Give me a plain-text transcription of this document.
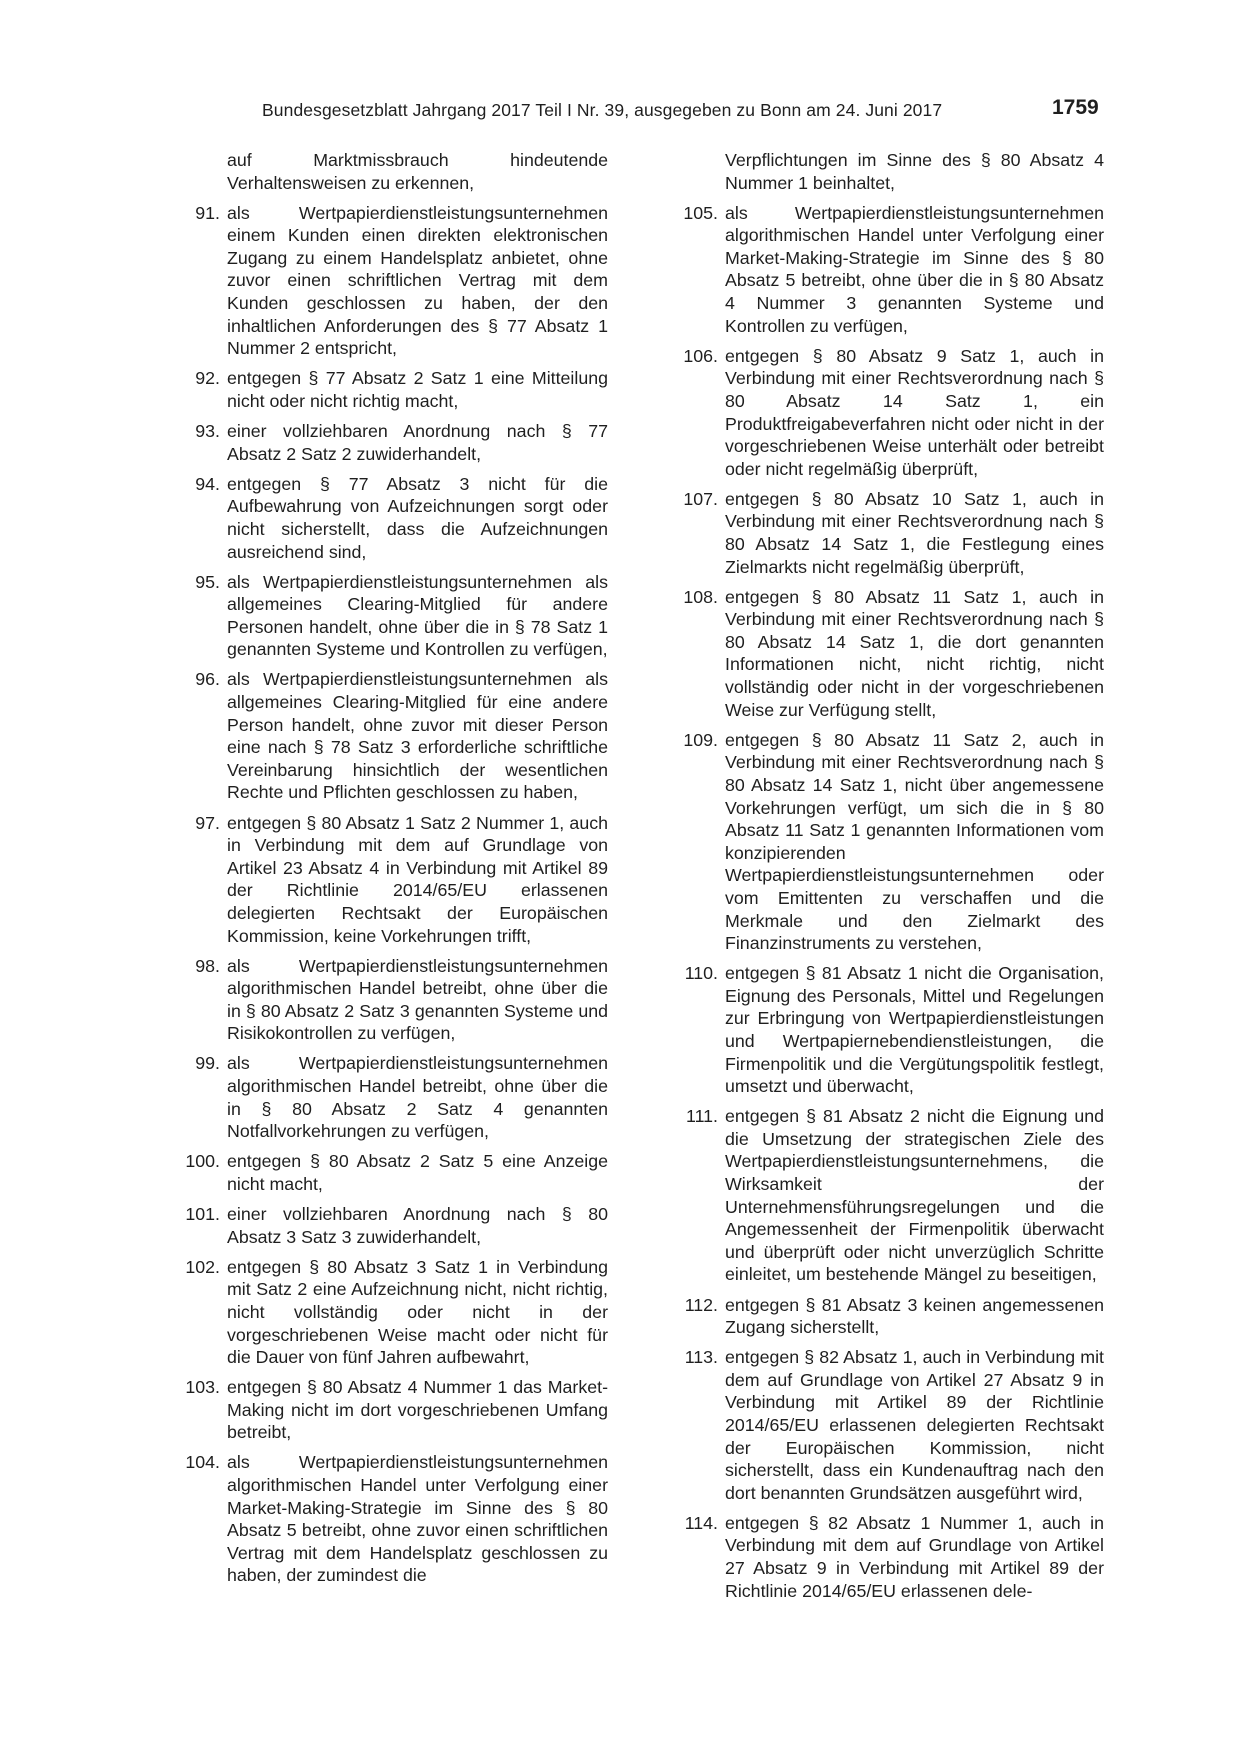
Bundesgesetzblatt Jahrgang 2017 Teil I Nr. 39, ausgegeben zu Bonn am 24. Juni 2017	1759
auf Marktmissbrauch hindeutende Verhaltensweisen zu erkennen,
91. als Wertpapierdienstleistungsunternehmen einem Kunden einen direkten elektronischen Zugang zu einem Handelsplatz anbietet, ohne zuvor einen schriftlichen Vertrag mit dem Kunden geschlossen zu haben, der den inhaltlichen Anforderungen des § 77 Absatz 1 Nummer 2 entspricht,
92. entgegen § 77 Absatz 2 Satz 1 eine Mitteilung nicht oder nicht richtig macht,
93. einer vollziehbaren Anordnung nach § 77 Absatz 2 Satz 2 zuwiderhandelt,
94. entgegen § 77 Absatz 3 nicht für die Aufbewahrung von Aufzeichnungen sorgt oder nicht sicherstellt, dass die Aufzeichnungen ausreichend sind,
95. als Wertpapierdienstleistungsunternehmen als allgemeines Clearing-Mitglied für andere Personen handelt, ohne über die in § 78 Satz 1 genannten Systeme und Kontrollen zu verfügen,
96. als Wertpapierdienstleistungsunternehmen als allgemeines Clearing-Mitglied für eine andere Person handelt, ohne zuvor mit dieser Person eine nach § 78 Satz 3 erforderliche schriftliche Vereinbarung hinsichtlich der wesentlichen Rechte und Pflichten geschlossen zu haben,
97. entgegen § 80 Absatz 1 Satz 2 Nummer 1, auch in Verbindung mit dem auf Grundlage von Artikel 23 Absatz 4 in Verbindung mit Artikel 89 der Richtlinie 2014/65/EU erlassenen delegierten Rechtsakt der Europäischen Kommission, keine Vorkehrungen trifft,
98. als Wertpapierdienstleistungsunternehmen algorithmischen Handel betreibt, ohne über die in § 80 Absatz 2 Satz 3 genannten Systeme und Risikokontrollen zu verfügen,
99. als Wertpapierdienstleistungsunternehmen algorithmischen Handel betreibt, ohne über die in § 80 Absatz 2 Satz 4 genannten Notfallvorkehrungen zu verfügen,
100. entgegen § 80 Absatz 2 Satz 5 eine Anzeige nicht macht,
101. einer vollziehbaren Anordnung nach § 80 Absatz 3 Satz 3 zuwiderhandelt,
102. entgegen § 80 Absatz 3 Satz 1 in Verbindung mit Satz 2 eine Aufzeichnung nicht, nicht richtig, nicht vollständig oder nicht in der vorgeschriebenen Weise macht oder nicht für die Dauer von fünf Jahren aufbewahrt,
103. entgegen § 80 Absatz 4 Nummer 1 das Market-Making nicht im dort vorgeschriebenen Umfang betreibt,
104. als Wertpapierdienstleistungsunternehmen algorithmischen Handel unter Verfolgung einer Market-Making-Strategie im Sinne des § 80 Absatz 5 betreibt, ohne zuvor einen schriftlichen Vertrag mit dem Handelsplatz geschlossen zu haben, der zumindest die
Verpflichtungen im Sinne des § 80 Absatz 4 Nummer 1 beinhaltet,
105. als Wertpapierdienstleistungsunternehmen algorithmischen Handel unter Verfolgung einer Market-Making-Strategie im Sinne des § 80 Absatz 5 betreibt, ohne über die in § 80 Absatz 4 Nummer 3 genannten Systeme und Kontrollen zu verfügen,
106. entgegen § 80 Absatz 9 Satz 1, auch in Verbindung mit einer Rechtsverordnung nach § 80 Absatz 14 Satz 1, ein Produktfreigabeverfahren nicht oder nicht in der vorgeschriebenen Weise unterhält oder betreibt oder nicht regelmäßig überprüft,
107. entgegen § 80 Absatz 10 Satz 1, auch in Verbindung mit einer Rechtsverordnung nach § 80 Absatz 14 Satz 1, die Festlegung eines Zielmarkts nicht regelmäßig überprüft,
108. entgegen § 80 Absatz 11 Satz 1, auch in Verbindung mit einer Rechtsverordnung nach § 80 Absatz 14 Satz 1, die dort genannten Informationen nicht, nicht richtig, nicht vollständig oder nicht in der vorgeschriebenen Weise zur Verfügung stellt,
109. entgegen § 80 Absatz 11 Satz 2, auch in Verbindung mit einer Rechtsverordnung nach § 80 Absatz 14 Satz 1, nicht über angemessene Vorkehrungen verfügt, um sich die in § 80 Absatz 11 Satz 1 genannten Informationen vom konzipierenden Wertpapierdienstleistungsunternehmen oder vom Emittenten zu verschaffen und die Merkmale und den Zielmarkt des Finanzinstruments zu verstehen,
110. entgegen § 81 Absatz 1 nicht die Organisation, Eignung des Personals, Mittel und Regelungen zur Erbringung von Wertpapierdienstleistungen und Wertpapiernebendienstleistungen, die Firmenpolitik und die Vergütungspolitik festlegt, umsetzt und überwacht,
111. entgegen § 81 Absatz 2 nicht die Eignung und die Umsetzung der strategischen Ziele des Wertpapierdienstleistungsunternehmens, die Wirksamkeit der Unternehmensführungsregelungen und die Angemessenheit der Firmenpolitik überwacht und überprüft oder nicht unverzüglich Schritte einleitet, um bestehende Mängel zu beseitigen,
112. entgegen § 81 Absatz 3 keinen angemessenen Zugang sicherstellt,
113. entgegen § 82 Absatz 1, auch in Verbindung mit dem auf Grundlage von Artikel 27 Absatz 9 in Verbindung mit Artikel 89 der Richtlinie 2014/65/EU erlassenen delegierten Rechtsakt der Europäischen Kommission, nicht sicherstellt, dass ein Kundenauftrag nach den dort benannten Grundsätzen ausgeführt wird,
114. entgegen § 82 Absatz 1 Nummer 1, auch in Verbindung mit dem auf Grundlage von Artikel 27 Absatz 9 in Verbindung mit Artikel 89 der Richtlinie 2014/65/EU erlassenen dele-
